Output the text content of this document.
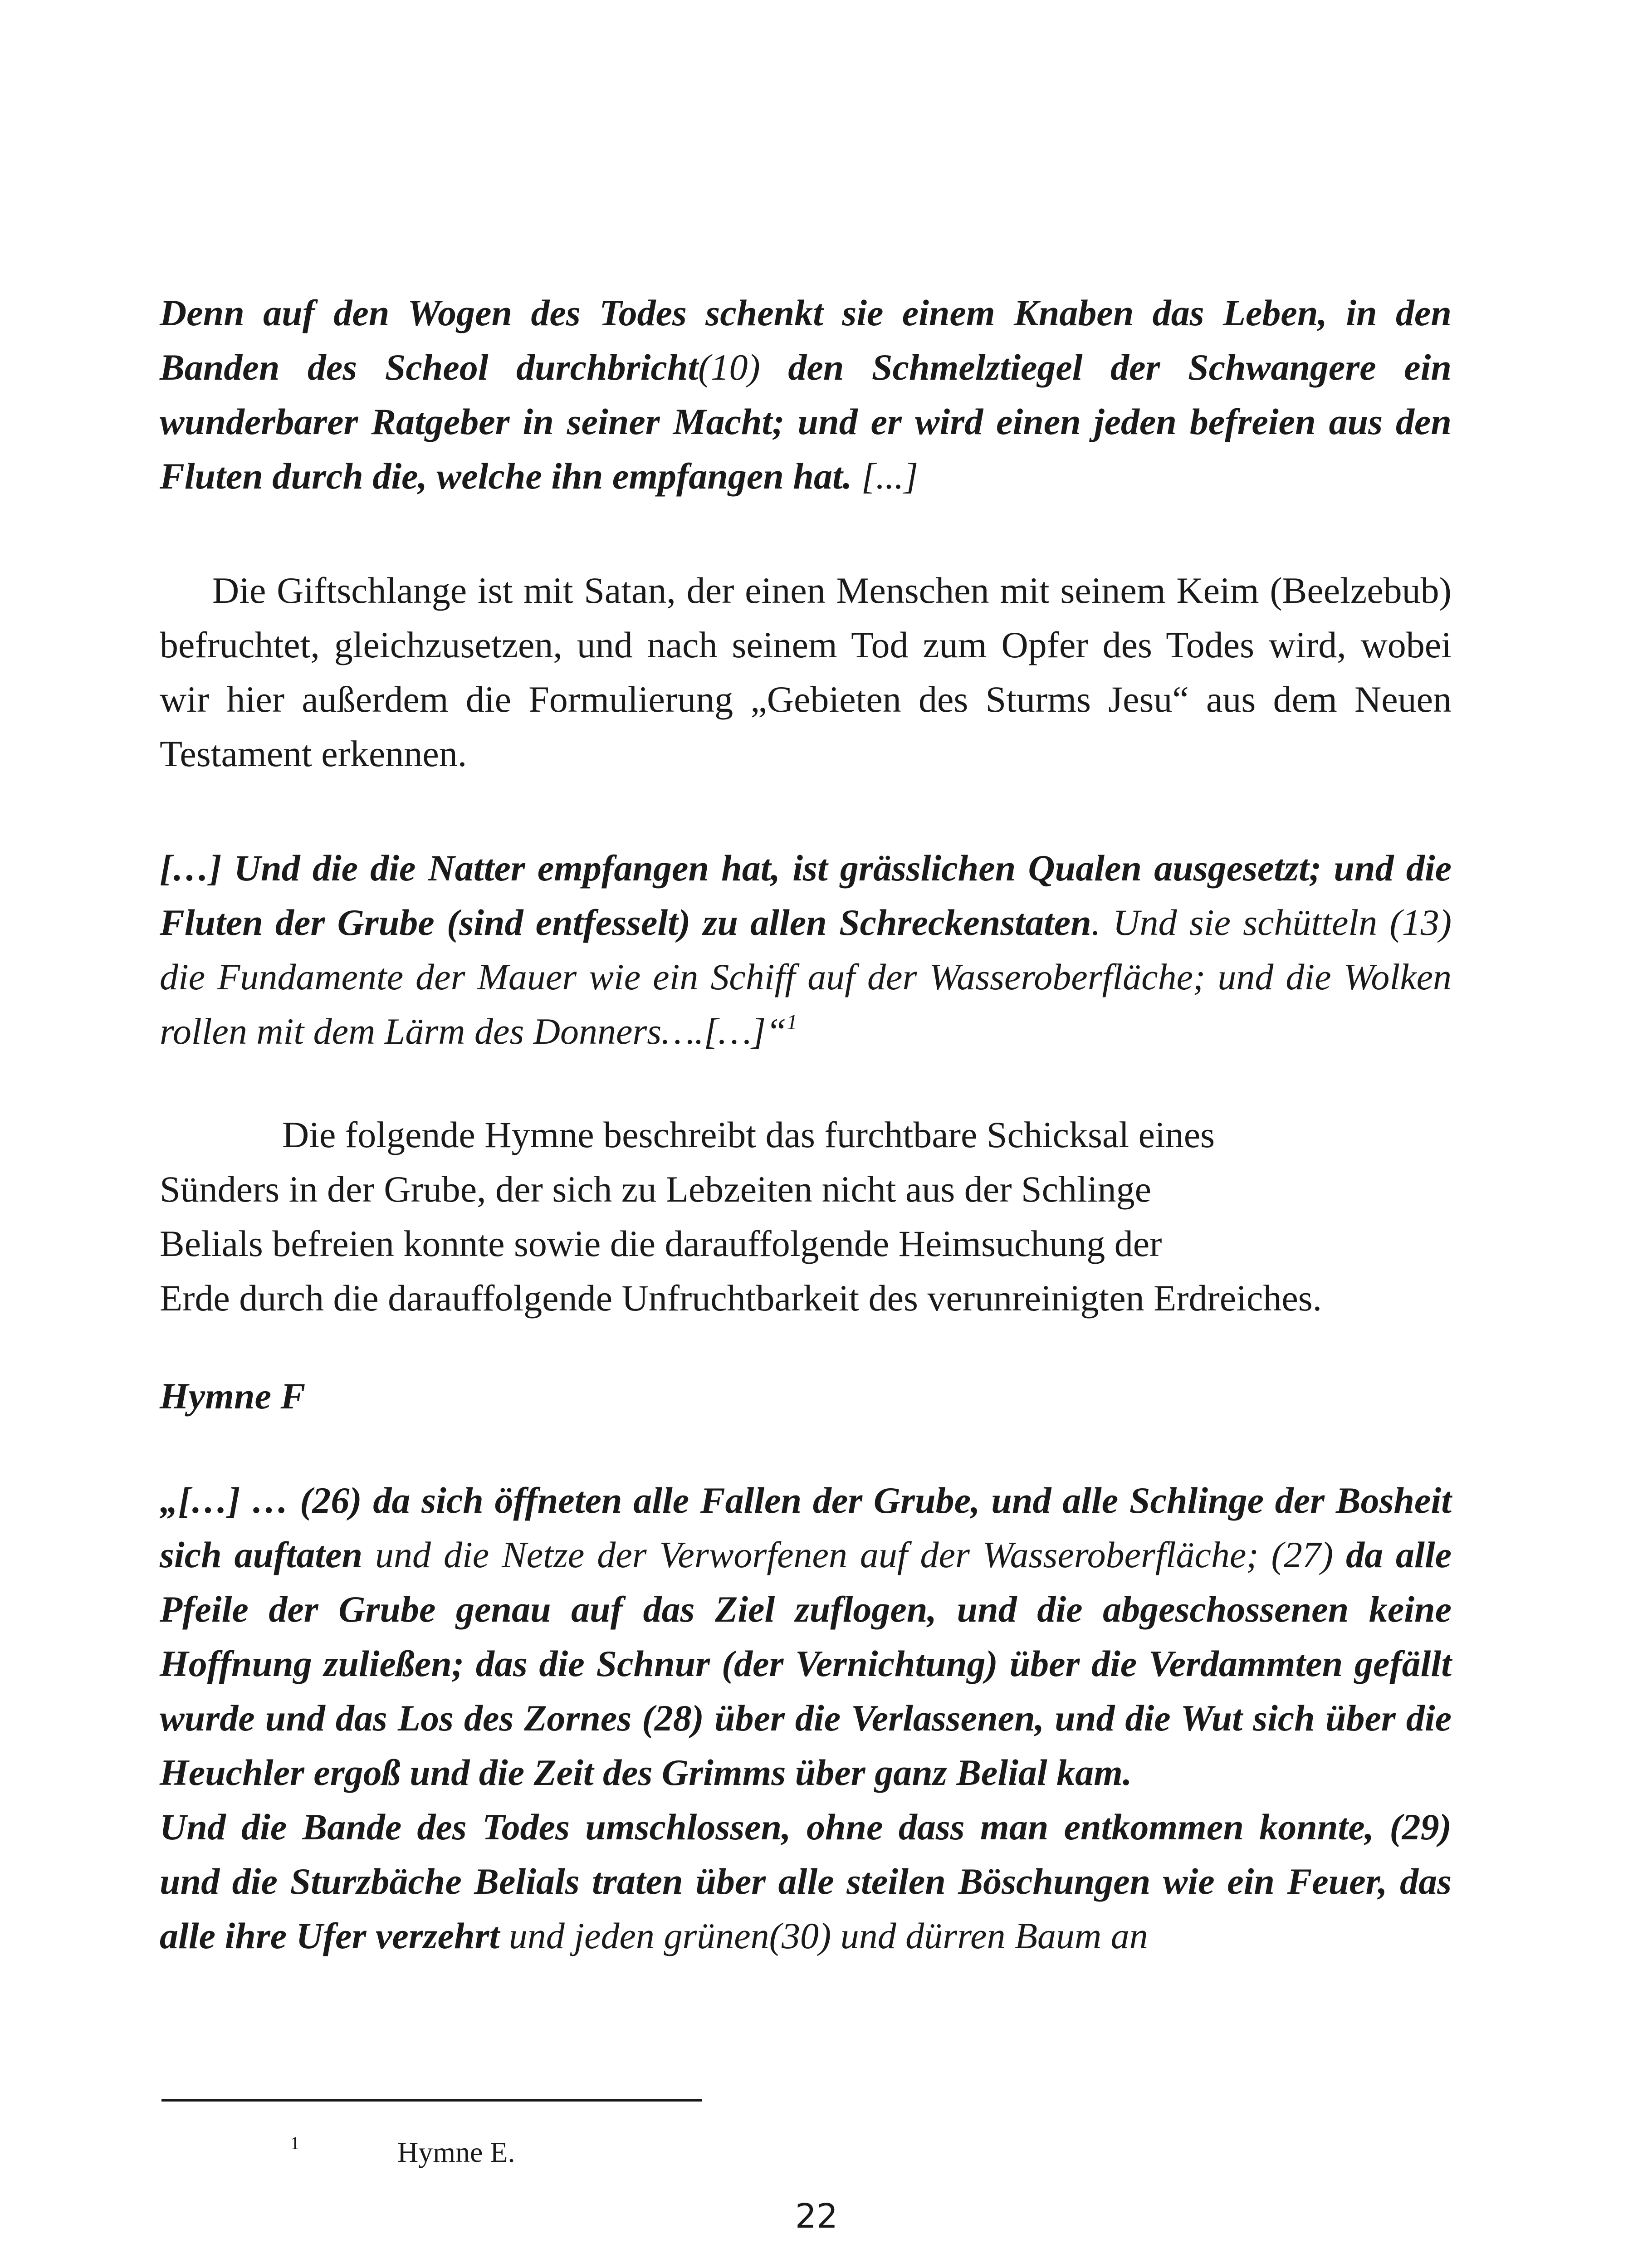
Denn auf den Wogen des Todes schenkt sie einem Knaben das Leben, in den Banden des Scheol durchbricht(10) den Schmelztiegel der Schwangere ein wunderbarer Ratgeber in seiner Macht; und er wird einen jeden befreien aus den Fluten durch die, welche ihn empfangen hat. [...]

Die Giftschlange ist mit Satan, der einen Menschen mit seinem Keim (Beelzebub) befruchtet, gleichzusetzen, und nach seinem Tod zum Opfer des Todes wird, wobei wir hier außerdem die Formulierung „Gebieten des Sturms Jesu“ aus dem Neuen Testament erkennen.

[…] Und die die Natter empfangen hat, ist grässlichen Qualen ausgesetzt; und die Fluten der Grube (sind entfesselt) zu allen Schreckenstaten. Und sie schütteln (13) die Fundamente der Mauer wie ein Schiff auf der Wasseroberfläche; und die Wolken rollen mit dem Lärm des Donners….[…]“$^1$

Die folgende Hymne beschreibt das furchtbare Schicksal eines
Sünders in der Grube, der sich zu Lebzeiten nicht aus der Schlinge
Belials befreien konnte sowie die darauffolgende Heimsuchung der
Erde durch die darauffolgende Unfruchtbarkeit des verunreinigten Erdreiches.

Hymne F

„[…] … (26) da sich öffneten alle Fallen der Grube, und alle Schlinge der Bosheit sich auftaten und die Netze der Verworfenen auf der Wasseroberfläche; (27) da alle Pfeile der Grube genau auf das Ziel zuflogen, und die abgeschossenen keine Hoffnung zuließen; das die Schnur (der Vernichtung) über die Verdammten gefällt wurde und das Los des Zornes (28) über die Verlassenen, und die Wut sich über die Heuchler ergoß und die Zeit des Grimms über ganz Belial kam.

Und die Bande des Todes umschlossen, ohne dass man entkommen konnte, (29) und die Sturzbäche Belials traten über alle steilen Böschungen wie ein Feuer, das alle ihre Ufer verzehrt und jeden grünen(30) und dürren Baum an

$^1$	Hymne E.
22
